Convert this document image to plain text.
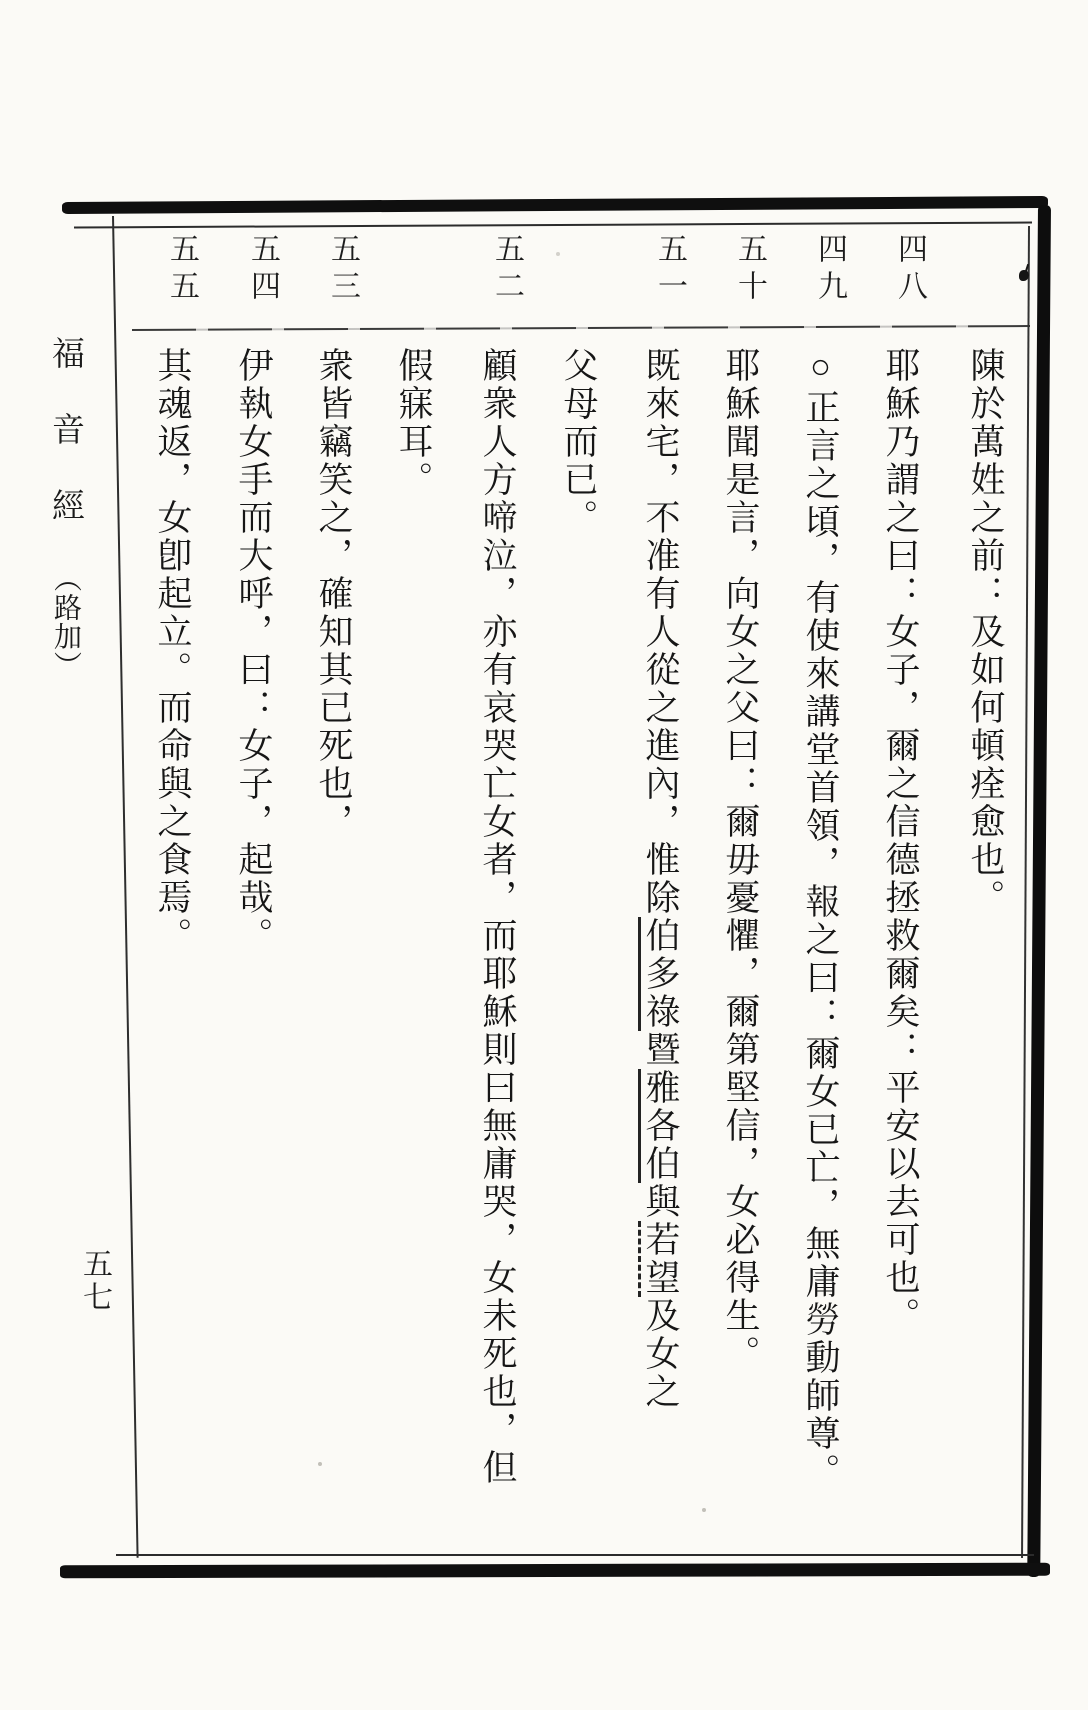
四八
四九
五十
五一
五二
五三
五四
五五
陳於萬姓之前：及如何頓痊愈也。
耶穌乃謂之曰：女子，爾之信德拯救爾矣：平安以去可也。
○正言之頃，有使來講堂首領，報之曰：爾女已亡，無庸勞動師尊。
耶穌聞是言，向女之父曰：爾毋憂懼，爾第堅信，女必得生。
既來宅，不准有人從之進內，惟除伯多祿暨雅各伯與若望及女之
父母而已。
顧衆人方啼泣，亦有哀哭亡女者，而耶穌則曰無庸哭，女未死也，但
假寐耳。
衆皆竊笑之，確知其已死也，
伊執女手而大呼，曰：女子，起哉。
其魂返，女卽起立。而命與之食焉。
福音經（路加）
五七
